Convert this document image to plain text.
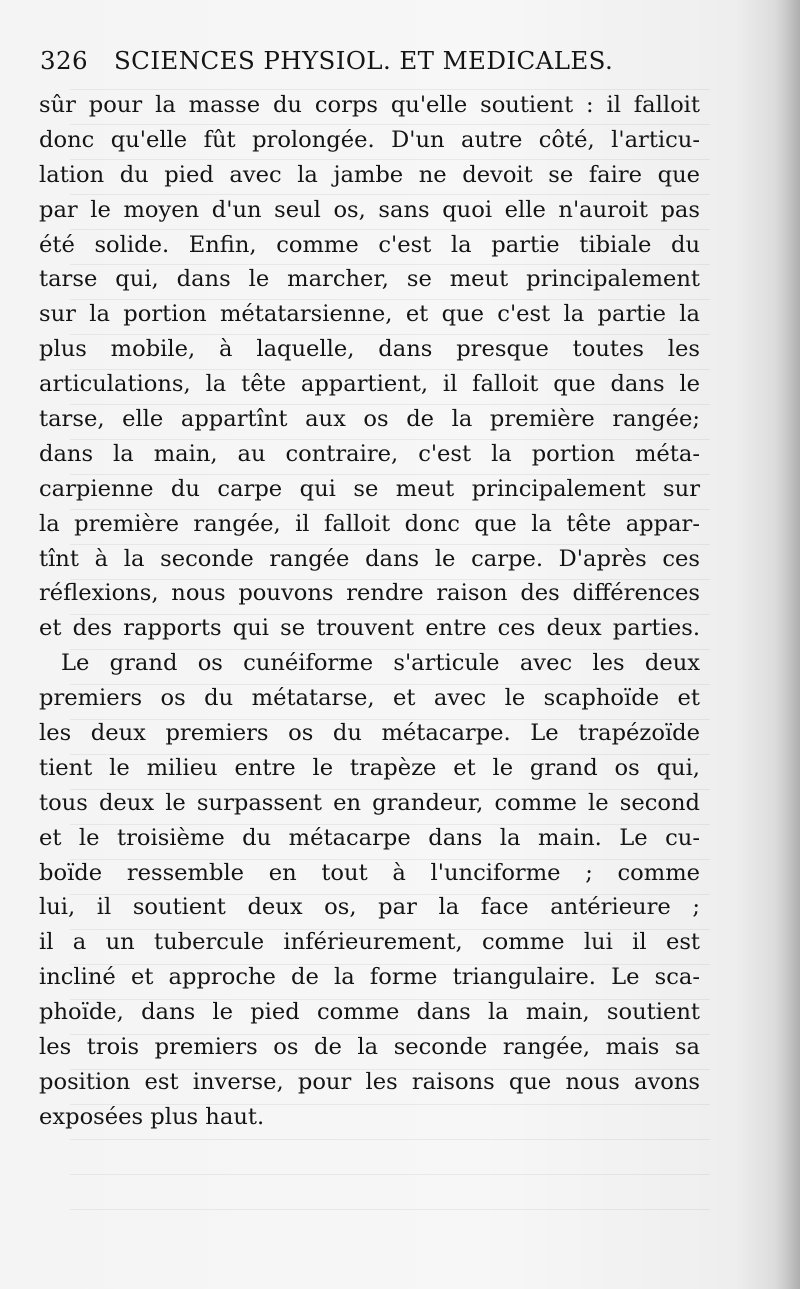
326 SCIENCES PHYSIOL. ET MEDICALES.
sûr pour la masse du corps qu'elle soutient : il falloit
donc qu'elle fût prolongée. D'un autre côté, l'articu-
lation du pied avec la jambe ne devoit se faire que
par le moyen d'un seul os, sans quoi elle n'auroit pas
été solide. Enfin, comme c'est la partie tibiale du
tarse qui, dans le marcher, se meut principalement
sur la portion métatarsienne, et que c'est la partie la
plus mobile, à laquelle, dans presque toutes les
articulations, la tête appartient, il falloit que dans le
tarse, elle appartînt aux os de la première rangée;
dans la main, au contraire, c'est la portion méta-
carpienne du carpe qui se meut principalement sur
la première rangée, il falloit donc que la tête appar-
tînt à la seconde rangée dans le carpe. D'après ces
réflexions, nous pouvons rendre raison des différences
et des rapports qui se trouvent entre ces deux parties.
Le grand os cunéiforme s'articule avec les deux
premiers os du métatarse, et avec le scaphoïde et
les deux premiers os du métacarpe. Le trapézoïde
tient le milieu entre le trapèze et le grand os qui,
tous deux le surpassent en grandeur, comme le second
et le troisième du métacarpe dans la main. Le cu-
boïde ressemble en tout à l'unciforme ; comme
lui, il soutient deux os, par la face antérieure ;
il a un tubercule inférieurement, comme lui il est
incliné et approche de la forme triangulaire. Le sca-
phoïde, dans le pied comme dans la main, soutient
les trois premiers os de la seconde rangée, mais sa
position est inverse, pour les raisons que nous avons
exposées plus haut.
